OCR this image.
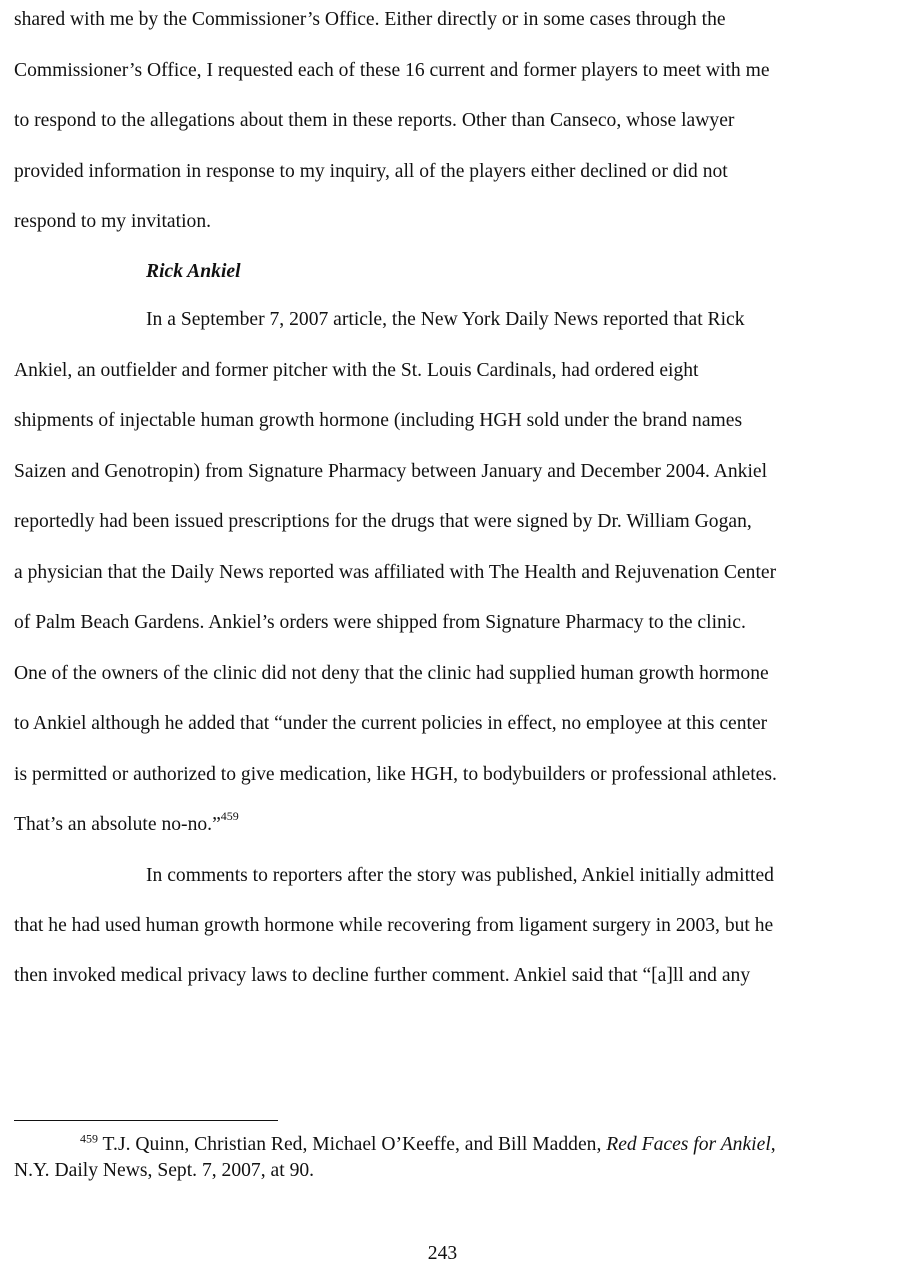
shared with me by the Commissioner’s Office. Either directly or in some cases through the
Commissioner’s Office, I requested each of these 16 current and former players to meet with me
to respond to the allegations about them in these reports. Other than Canseco, whose lawyer
provided information in response to my inquiry, all of the players either declined or did not
respond to my invitation.
Rick Ankiel
In a September 7, 2007 article, the New York Daily News reported that Rick
Ankiel, an outfielder and former pitcher with the St. Louis Cardinals, had ordered eight
shipments of injectable human growth hormone (including HGH sold under the brand names
Saizen and Genotropin) from Signature Pharmacy between January and December 2004. Ankiel
reportedly had been issued prescriptions for the drugs that were signed by Dr. William Gogan,
a physician that the Daily News reported was affiliated with The Health and Rejuvenation Center
of Palm Beach Gardens. Ankiel’s orders were shipped from Signature Pharmacy to the clinic.
One of the owners of the clinic did not deny that the clinic had supplied human growth hormone
to Ankiel although he added that “under the current policies in effect, no employee at this center
is permitted or authorized to give medication, like HGH, to bodybuilders or professional athletes.
That’s an absolute no-no.”$^{459}$
In comments to reporters after the story was published, Ankiel initially admitted
that he had used human growth hormone while recovering from ligament surgery in 2003, but he
then invoked medical privacy laws to decline further comment. Ankiel said that “[a]ll and any
$^{459}$ T.J. Quinn, Christian Red, Michael O’Keeffe, and Bill Madden, Red Faces for Ankiel,
N.Y. Daily News, Sept. 7, 2007, at 90.
243
